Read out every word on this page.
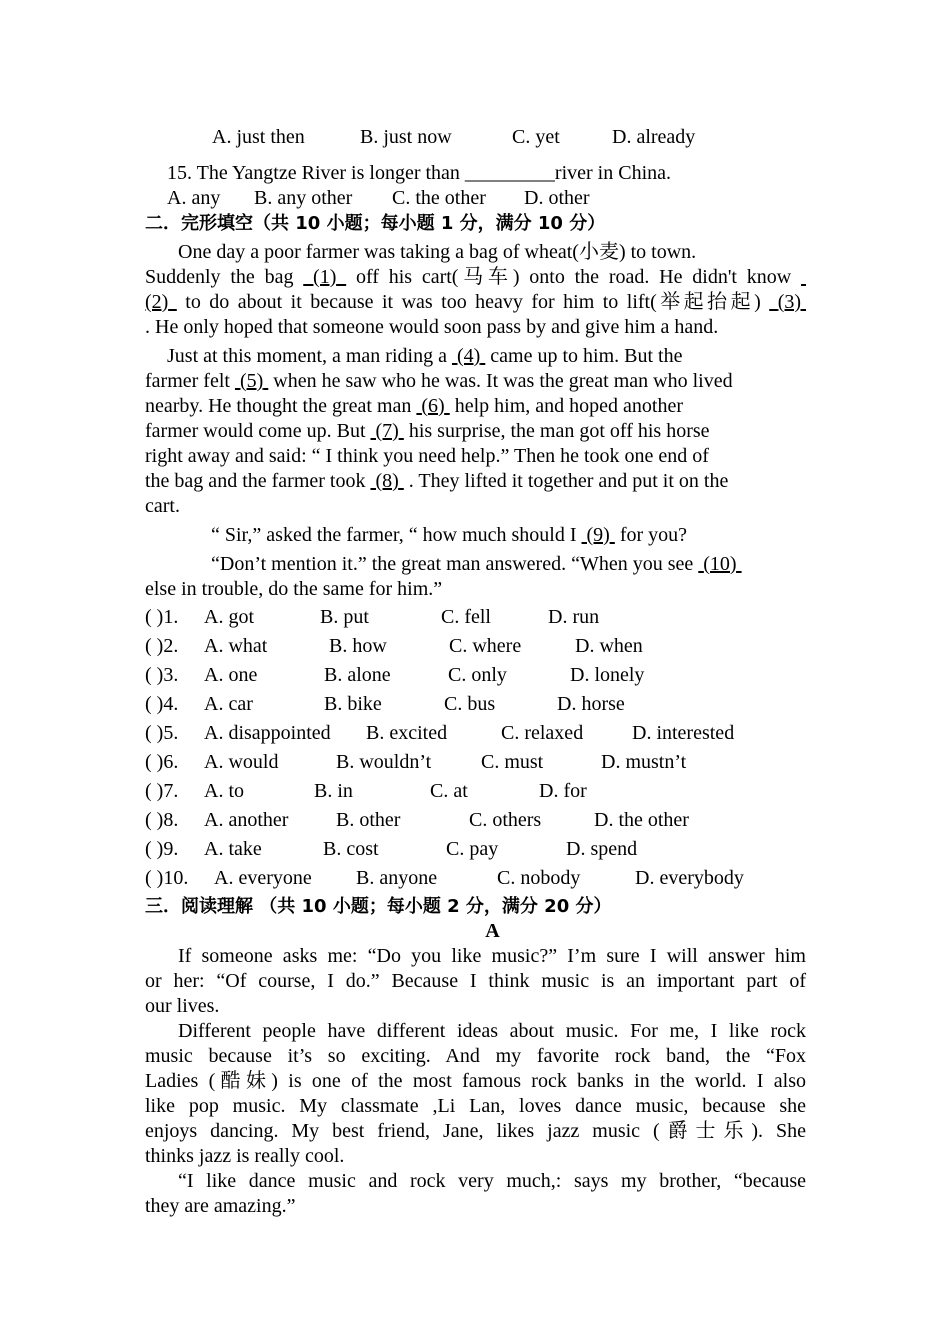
A. just then	B. just now	C. yet	D. already
15. The Yangtze River is longer than _________river in China.
A. any B. any other C. the other D. other
二．完形填空（共 10 小题；每小题 1 分，满分 10 分）
One day a poor farmer was taking a bag of wheat(小麦) to town.
Suddenly the bag  (1)  off his cart(马车) onto the road. He didn't know
(2)  to do about it because it was too heavy for him to lift(举起抬起)  (3)
. He only hoped that someone would soon pass by and give him a hand.
Just at this moment, a man riding a  (4)  came up to him. But the
farmer felt  (5)  when he saw who he was. It was the great man who lived
nearby. He thought the great man  (6)  help him, and hoped another
farmer would come up. But  (7)  his surprise, the man got off his horse
right away and said: “ I think you need help.” Then he took one end of
the bag and the farmer took  (8)  . They lifted it together and put it on the
cart.
“ Sir,” asked the farmer, “ how much should I  (9)  for you?
“Don’t mention it.” the great man answered. “When you see  (10)
else in trouble, do the same for him.”
( )1. A. got	B. put	C. fell	D. run
( )2. A. what	B. how	C. where	D. when
( )3. A. one	B. alone	C. only	D. lonely
( )4. A. car	B. bike	C. bus	D. horse
( )5. A. disappointed B. excited	C. relaxed D. interested
( )6. A. would	B. wouldn’t C. must	D. mustn’t
( )7. A. to	B. in	C. at	D. for
( )8. A. another B. other	C. others	D. the other
( )9. A. take	B. cost	C. pay	D. spend
( )10. A. everyone B. anyone	C. nobody	D. everybody
三．阅读理解 （共 10 小题；每小题 2 分，满分 20 分）
A
If someone asks me: “Do you like music?” I’m sure I will answer him
or her: “Of course, I do.” Because I think music is an important part of
our lives.
Different people have different ideas about music. For me, I like rock
music because it’s so exciting. And my favorite rock band, the “Fox
Ladies (酷妹) is one of the most famous rock banks in the world. I also
like pop music. My classmate ,Li Lan, loves dance music, because she
enjoys dancing. My best friend, Jane, likes jazz music (爵士乐). She
thinks jazz is really cool.
“I like dance music and rock very much,: says my brother, “because
they are amazing.”
